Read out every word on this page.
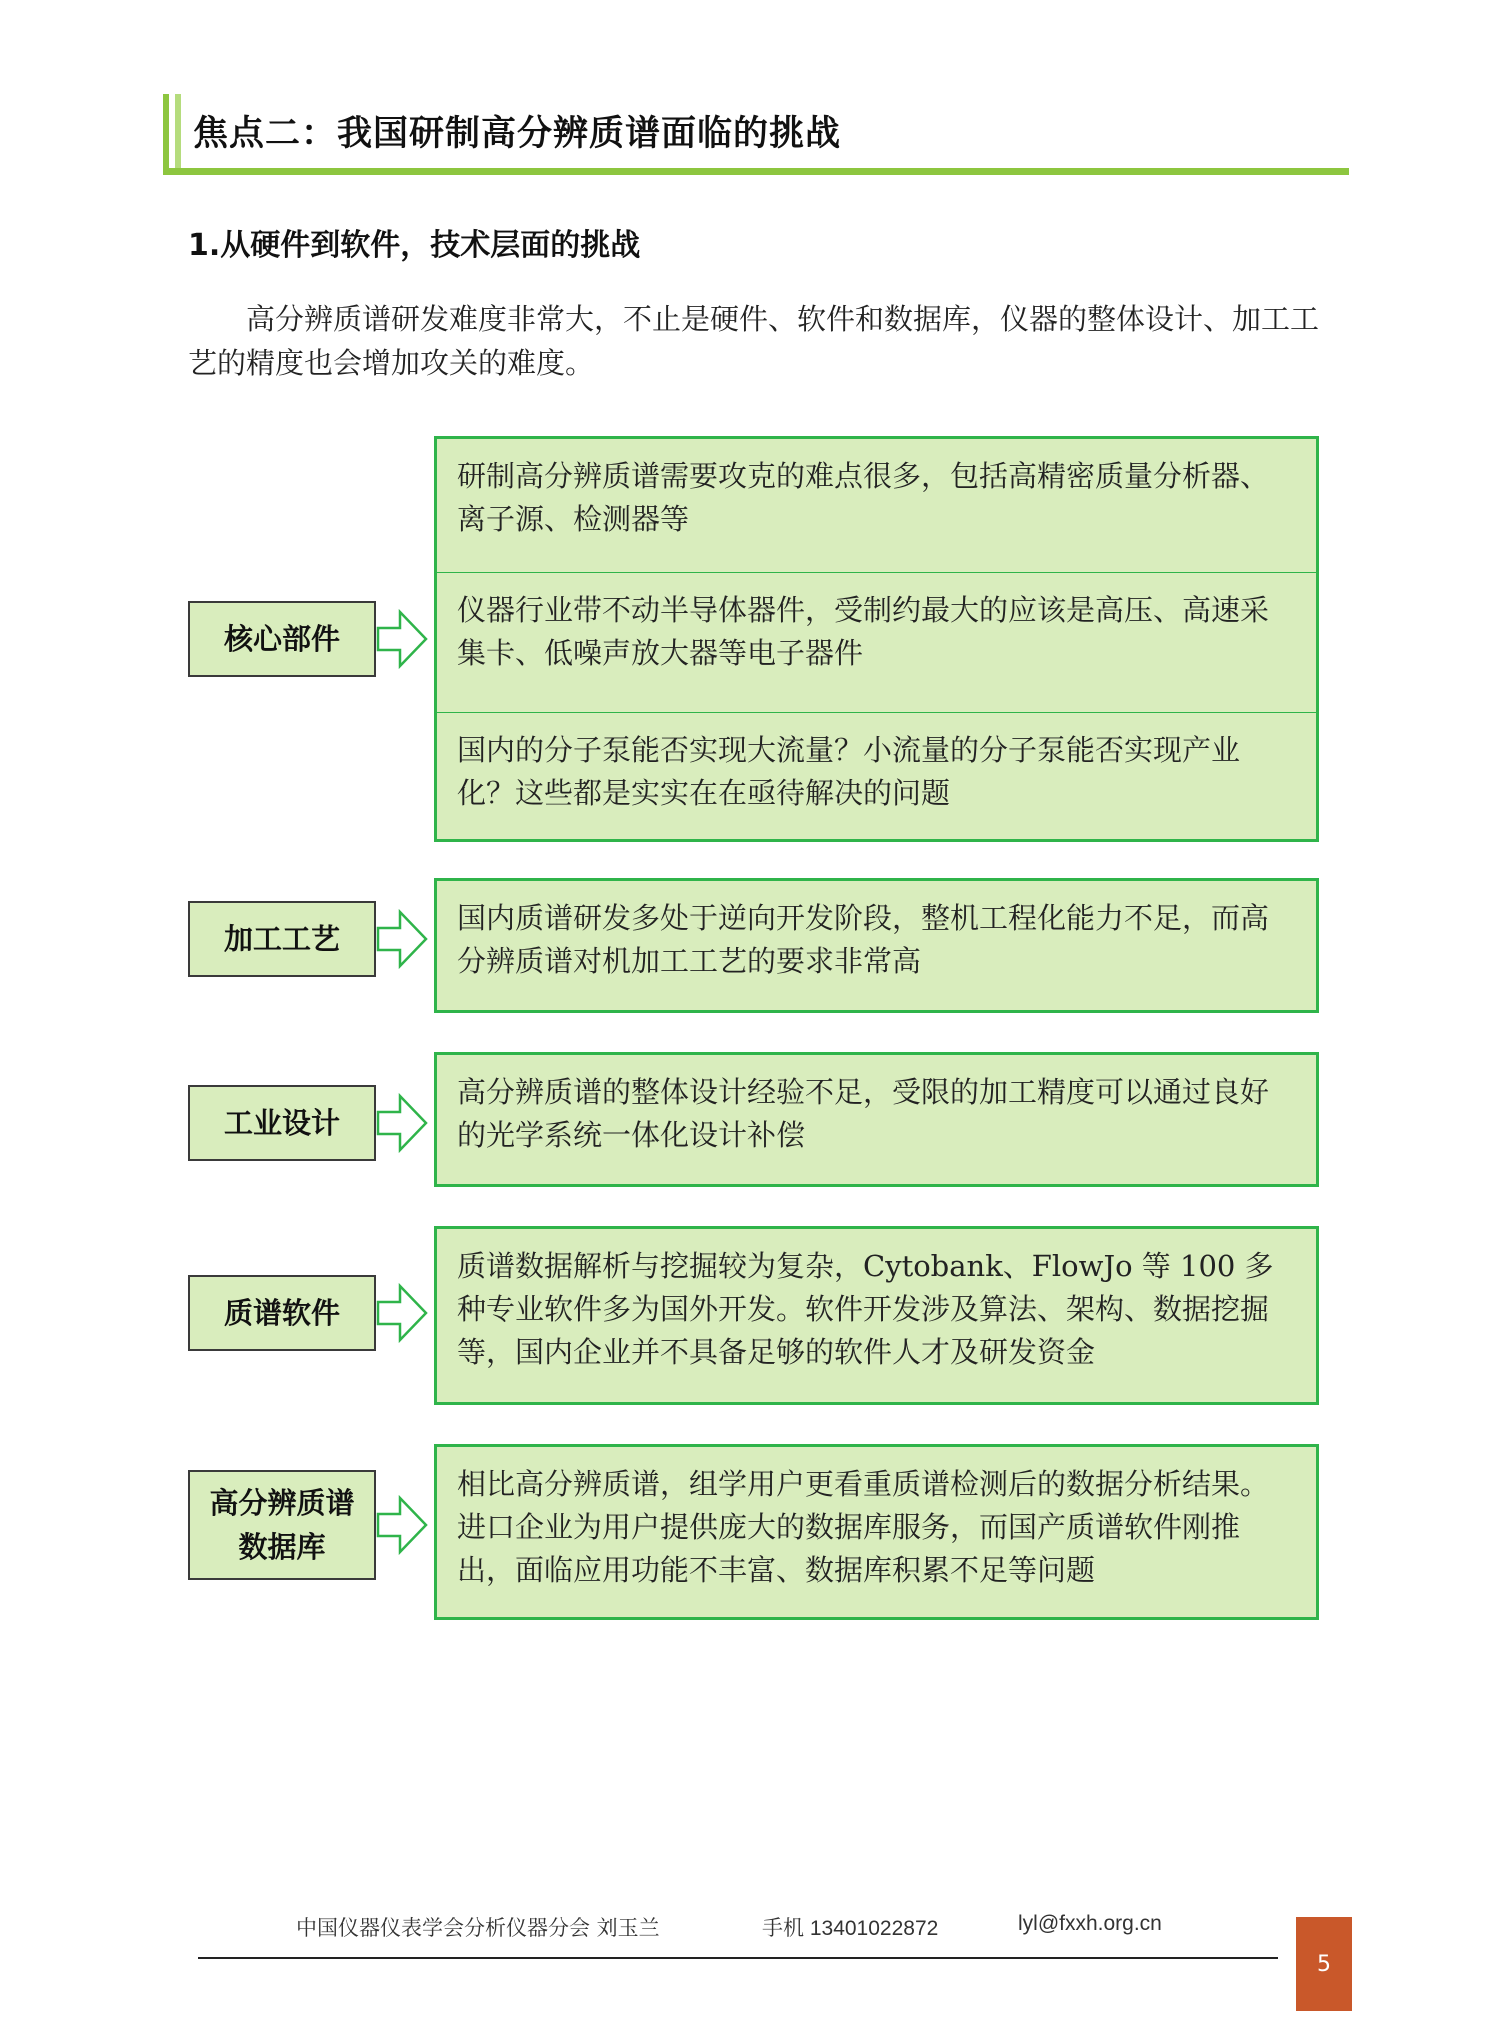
焦点二：我国研制高分辨质谱面临的挑战
1.从硬件到软件，技术层面的挑战
高分辨质谱研发难度非常大，不止是硬件、软件和数据库，仪器的整体设计、加工工艺的精度也会增加攻关的难度。
核心部件
研制高分辨质谱需要攻克的难点很多，包括高精密质量分析器、离子源、检测器等
仪器行业带不动半导体器件，受制约最大的应该是高压、高速采集卡、低噪声放大器等电子器件
国内的分子泵能否实现大流量？小流量的分子泵能否实现产业化？这些都是实实在在亟待解决的问题
加工工艺
国内质谱研发多处于逆向开发阶段，整机工程化能力不足，而高分辨质谱对机加工工艺的要求非常高
工业设计
高分辨质谱的整体设计经验不足，受限的加工精度可以通过良好的光学系统一体化设计补偿
质谱软件
质谱数据解析与挖掘较为复杂，Cytobank、FlowJo 等 100 多种专业软件多为国外开发。软件开发涉及算法、架构、数据挖掘等，国内企业并不具备足够的软件人才及研发资金
高分辨质谱数据库
相比高分辨质谱，组学用户更看重质谱检测后的数据分析结果。进口企业为用户提供庞大的数据库服务，而国产质谱软件刚推出，面临应用功能不丰富、数据库积累不足等问题
中国仪器仪表学会分析仪器分会 刘玉兰	手机 13401022872	lyl@fxxh.org.cn
5
